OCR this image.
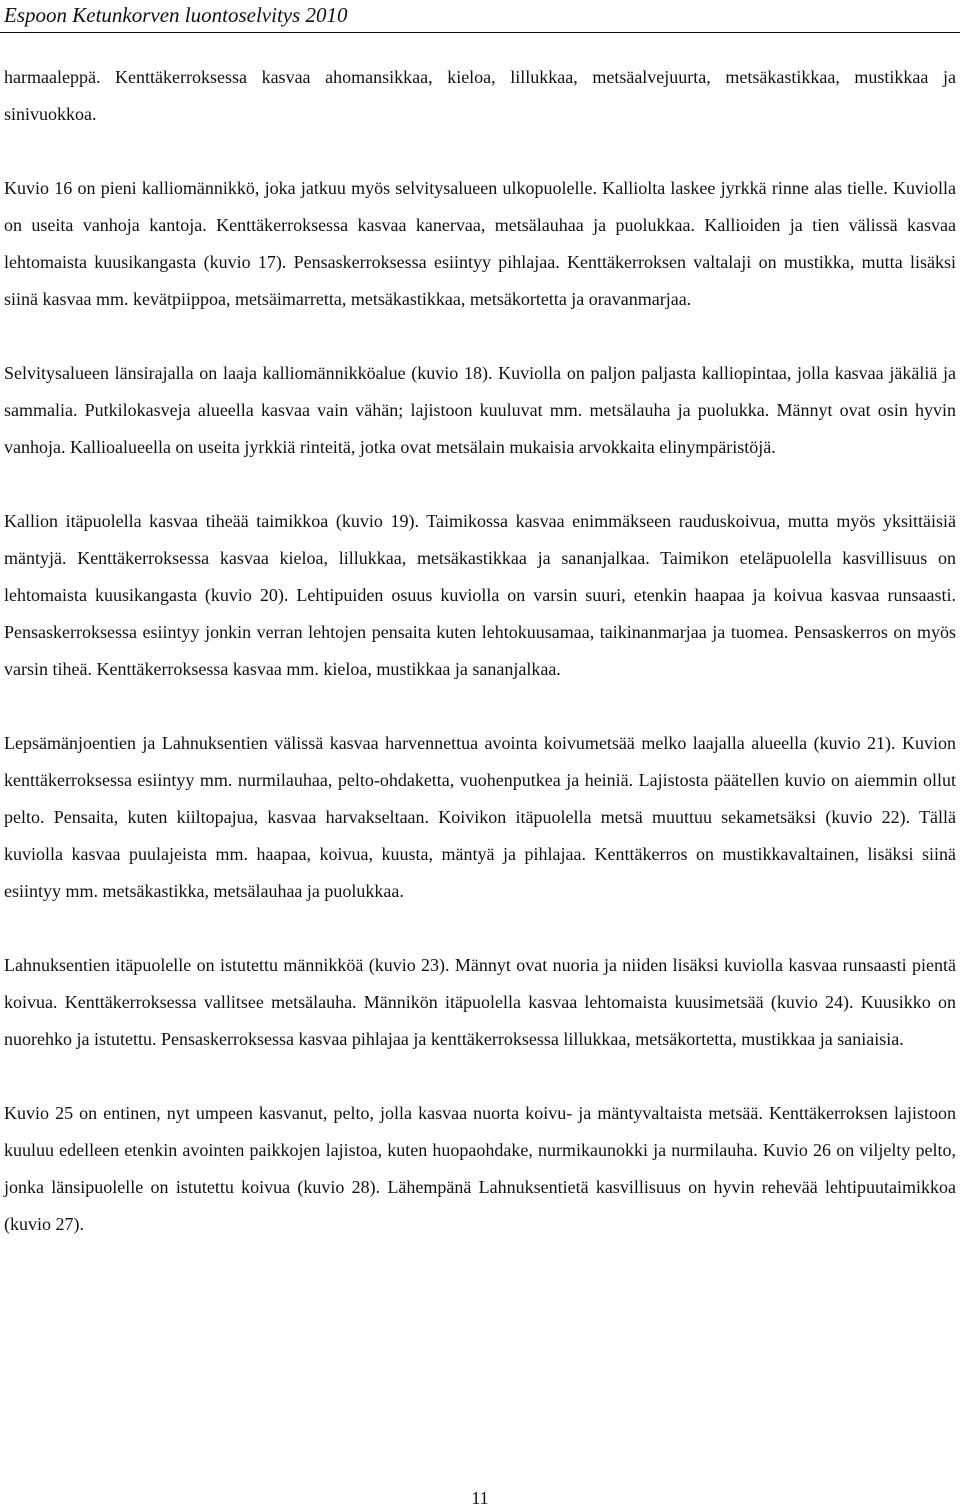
Espoon Ketunkorven luontoselvitys 2010

harmaaleppä. Kenttäkerroksessa kasvaa ahomansikkaa, kieloa, lillukkaa, metsäalvejuurta, metsäkastikkaa, mustikkaa ja sinivuokkoa.

Kuvio 16 on pieni kalliomännikkö, joka jatkuu myös selvitysalueen ulkopuolelle. Kalliolta laskee jyrkkä rinne alas tielle. Kuviolla on useita vanhoja kantoja. Kenttäkerroksessa kasvaa kanervaa, metsälauhaa ja puolukkaa. Kallioiden ja tien välissä kasvaa lehtomaista kuusikangasta (kuvio 17). Pensaskerroksessa esiintyy pihlajaa. Kenttäkerroksen valtalaji on mustikka, mutta lisäksi siinä kasvaa mm. kevätpiippoa, metsäimarretta, metsäkastikkaa, metsäkortetta ja oravanmarjaa.

Selvitysalueen länsirajalla on laaja kalliomännikköalue (kuvio 18). Kuviolla on paljon paljasta kalliopintaa, jolla kasvaa jäkäliä ja sammalia. Putkilokasveja alueella kasvaa vain vähän; lajistoon kuuluvat mm. metsälauha ja puolukka. Männyt ovat osin hyvin vanhoja. Kallioalueella on useita jyrkkiä rinteitä, jotka ovat metsälain mukaisia arvokkaita elinympäristöjä.

Kallion itäpuolella kasvaa tiheää taimikkoa (kuvio 19). Taimikossa kasvaa enimmäkseen rauduskoivua, mutta myös yksittäisiä mäntyjä. Kenttäkerroksessa kasvaa kieloa, lillukkaa, metsäkastikkaa ja sananjalkaa. Taimikon eteläpuolella kasvillisuus on lehtomaista kuusikangasta (kuvio 20). Lehtipuiden osuus kuviolla on varsin suuri, etenkin haapaa ja koivua kasvaa runsaasti. Pensaskerroksessa esiintyy jonkin verran lehtojen pensaita kuten lehtokuusamaa, taikinanmarjaa ja tuomea. Pensaskerros on myös varsin tiheä. Kenttäkerroksessa kasvaa mm. kieloa, mustikkaa ja sananjalkaa.

Lepsämänjoentien ja Lahnuksentien välissä kasvaa harvennettua avointa koivumetsää melko laajalla alueella (kuvio 21). Kuvion kenttäkerroksessa esiintyy mm. nurmilauhaa, pelto-ohdaketta, vuohenputkea ja heiniä. Lajistosta päätellen kuvio on aiemmin ollut pelto. Pensaita, kuten kiiltopajua, kasvaa harvakseltaan. Koivikon itäpuolella metsä muuttuu sekametsäksi (kuvio 22). Tällä kuviolla kasvaa puulajeista mm. haapaa, koivua, kuusta, mäntyä ja pihlajaa. Kenttäkerros on mustikkavaltainen, lisäksi siinä esiintyy mm. metsäkastikka, metsälauhaa ja puolukkaa.

Lahnuksentien itäpuolelle on istutettu männikköä (kuvio 23). Männyt ovat nuoria ja niiden lisäksi kuviolla kasvaa runsaasti pientä koivua. Kenttäkerroksessa vallitsee metsälauha. Männikön itäpuolella kasvaa lehtomaista kuusimetsää (kuvio 24). Kuusikko on nuorehko ja istutettu. Pensaskerroksessa kasvaa pihlajaa ja kenttäkerroksessa lillukkaa, metsäkortetta, mustikkaa ja saniaisia.

Kuvio 25 on entinen, nyt umpeen kasvanut, pelto, jolla kasvaa nuorta koivu- ja mäntyvaltaista metsää. Kenttäkerroksen lajistoon kuuluu edelleen etenkin avointen paikkojen lajistoa, kuten huopaohdake, nurmikaunokki ja nurmilauha. Kuvio 26 on viljelty pelto, jonka länsipuolelle on istutettu koivua (kuvio 28). Lähempänä Lahnuksentietä kasvillisuus on hyvin rehevää lehtipuutaimikkoa (kuvio 27).

11
